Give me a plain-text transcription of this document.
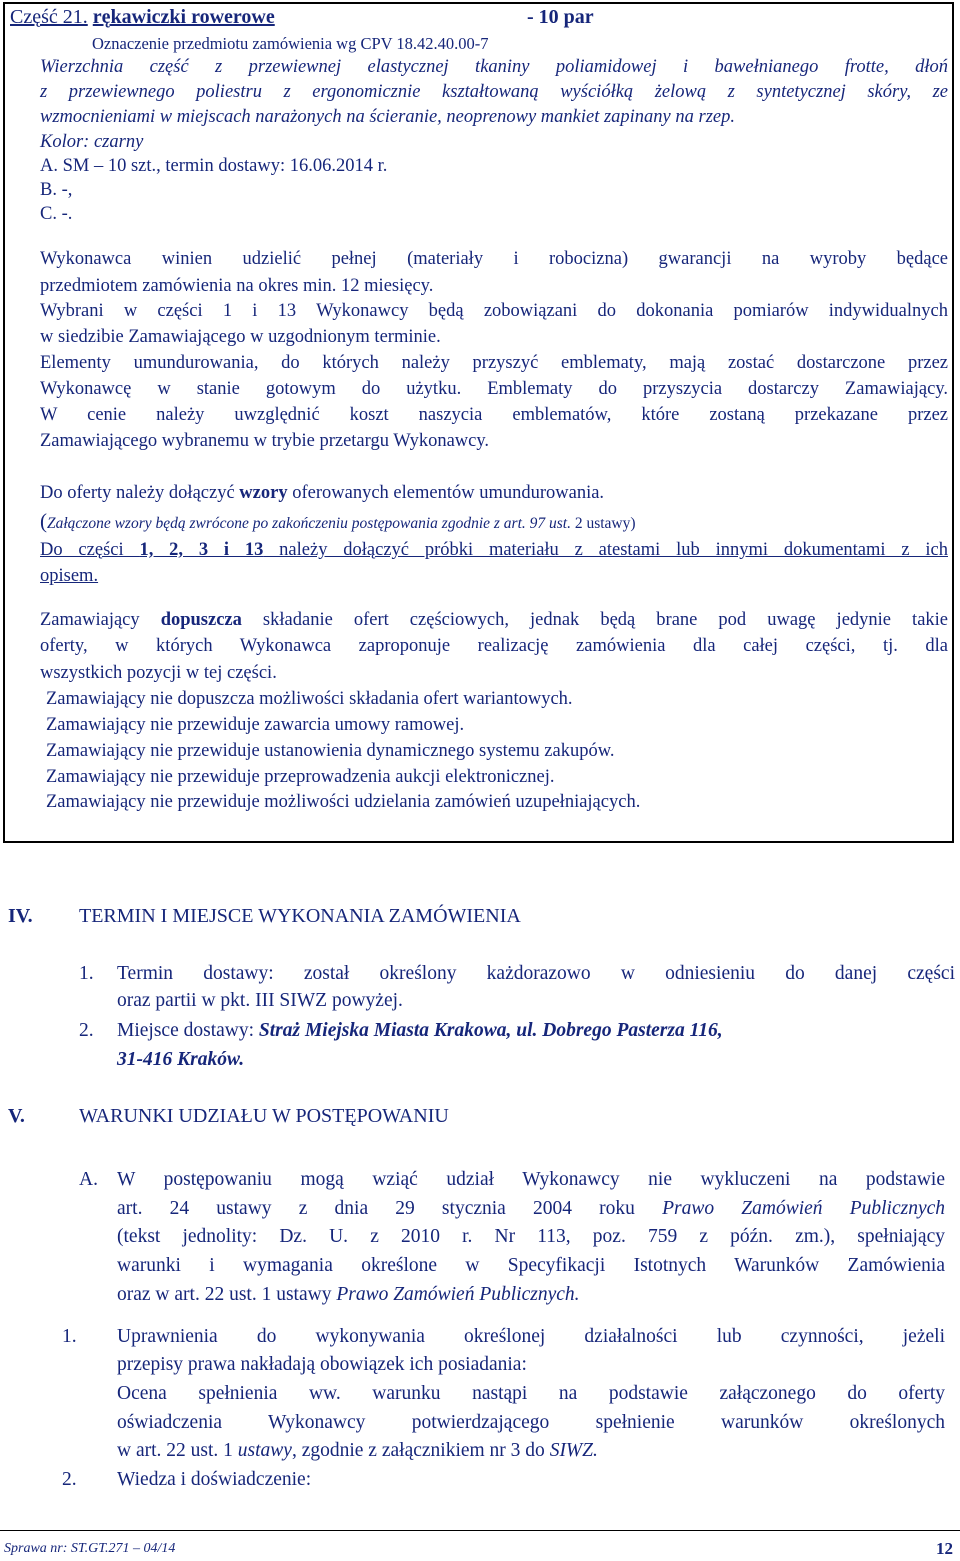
Część 21. rękawiczki rowerowe	- 10 par
Oznaczenie przedmiotu zamówienia wg CPV 18.42.40.00-7
Wierzchnia część z przewiewnej elastycznej tkaniny poliamidowej i bawełnianego frotte, dłoń
z przewiewnego poliestru z ergonomicznie kształtowaną wyściółką żelową z syntetycznej skóry, ze
wzmocnieniami w miejscach narażonych na ścieranie, neoprenowy mankiet zapinany na rzep.
Kolor: czarny
A. SM – 10 szt., termin dostawy: 16.06.2014 r.
B. -,
C. -.
Wykonawca winien udzielić pełnej (materiały i robocizna) gwarancji na wyroby będące
przedmiotem zamówienia na okres min. 12 miesięcy.
Wybrani w części 1 i 13 Wykonawcy będą zobowiązani do dokonania pomiarów indywidualnych
w siedzibie Zamawiającego w uzgodnionym terminie.
Elementy umundurowania, do których należy przyszyć emblematy, mają zostać dostarczone przez
Wykonawcę w stanie gotowym do użytku. Emblematy do przyszycia dostarczy Zamawiający.
W cenie należy uwzględnić koszt naszycia emblematów, które zostaną przekazane przez
Zamawiającego wybranemu w trybie przetargu Wykonawcy.
Do oferty należy dołączyć wzory oferowanych elementów umundurowania.
(Załączone wzory będą zwrócone po zakończeniu postępowania zgodnie z art. 97 ust. 2 ustawy)
Do części 1, 2, 3 i 13 należy dołączyć próbki materiału z atestami lub innymi dokumentami z ich
opisem.
Zamawiający dopuszcza składanie ofert częściowych, jednak będą brane pod uwagę jedynie takie
oferty, w których Wykonawca zaproponuje realizację zamówienia dla całej części, tj. dla
wszystkich pozycji w tej części.
Zamawiający nie dopuszcza możliwości składania ofert wariantowych.
Zamawiający nie przewiduje zawarcia umowy ramowej.
Zamawiający nie przewiduje ustanowienia dynamicznego systemu zakupów.
Zamawiający nie przewiduje przeprowadzenia aukcji elektronicznej.
Zamawiający nie przewiduje możliwości udzielania zamówień uzupełniających.
IV. TERMIN I MIEJSCE WYKONANIA ZAMÓWIENIA
1. Termin dostawy: został określony każdorazowo w odniesieniu do danej części
oraz partii w pkt. III SIWZ powyżej.
2. Miejsce dostawy: Straż Miejska Miasta Krakowa, ul. Dobrego Pasterza 116,
31-416 Kraków.
V.	WARUNKI UDZIAŁU W POSTĘPOWANIU
A. W postępowaniu mogą wziąć udział Wykonawcy nie wykluczeni na podstawie
art. 24 ustawy z dnia 29 stycznia 2004 roku Prawo Zamówień Publicznych
(tekst jednolity: Dz. U. z 2010 r. Nr 113, poz. 759 z późn. zm.), spełniający
warunki i wymagania określone w Specyfikacji Istotnych Warunków Zamówienia
oraz w art. 22 ust. 1 ustawy Prawo Zamówień Publicznych.
1. Uprawnienia do wykonywania określonej działalności lub czynności, jeżeli
przepisy prawa nakładają obowiązek ich posiadania:
Ocena spełnienia ww. warunku nastąpi na podstawie załączonego do oferty
oświadczenia Wykonawcy potwierdzającego spełnienie warunków określonych
w art. 22 ust. 1 ustawy, zgodnie z załącznikiem nr 3 do SIWZ.
2. Wiedza i doświadczenie:
Sprawa nr: ST.GT.271 – 04/14	12
